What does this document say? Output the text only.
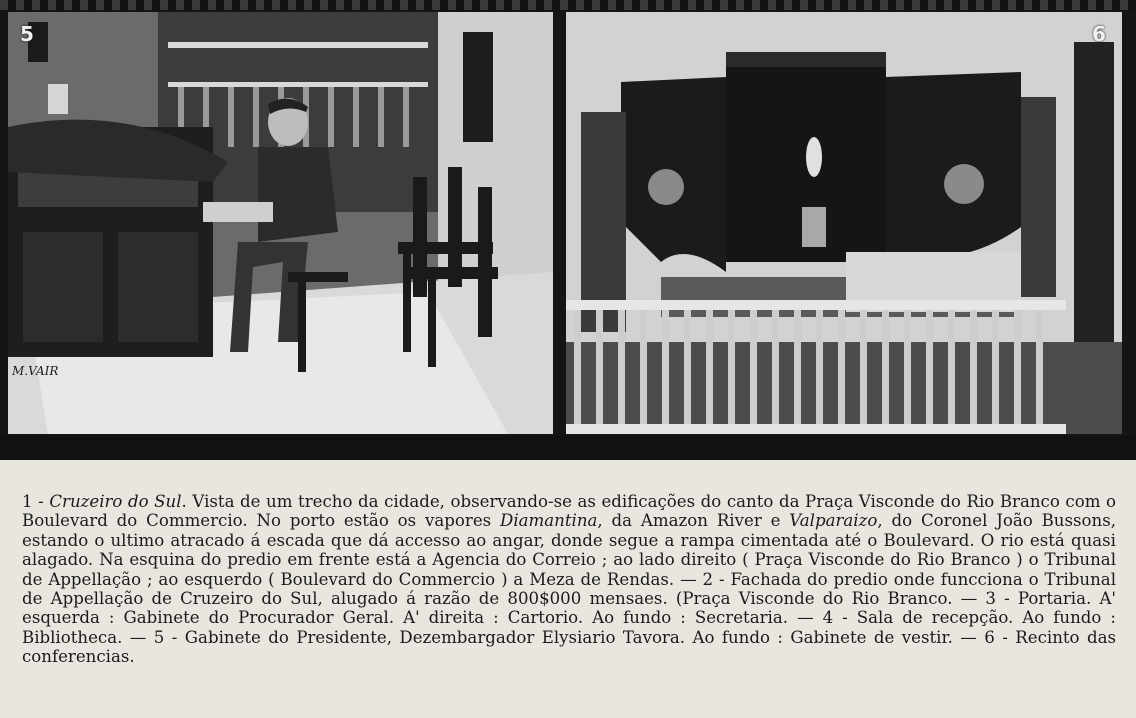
5
M.VAIR
6
1 - Cruzeiro do Sul. Vista de um trecho da cidade, observando-se as edificações do canto da Praça Visconde do Rio Branco com o Boulevard do Commercio. No porto estão os vapores Diamantina, da Amazon River e Valparaizo, do Coronel João Bussons, estando o ultimo atracado á escada que dá accesso ao angar, donde segue a rampa cimentada até o Boulevard. O rio está quasi alagado. Na esquina do predio em frente está a Agencia do Correio ; ao lado direito ( Praça Visconde do Rio Branco ) o Tribunal de Appellação ; ao esquerdo ( Boulevard do Commercio ) a Meza de Rendas. — 2 - Fachada do predio onde funcciona o Tribunal de Appellação de Cruzeiro do Sul, alugado á razão de 800$000 mensaes. (Praça Visconde do Rio Branco. — 3 - Portaria. A' esquerda : Gabinete do Procurador Geral. A' direita : Cartorio. Ao fundo : Secretaria. — 4 - Sala de recepção. Ao fundo : Bibliotheca. — 5 - Gabinete do Presidente, Dezembargador Elysiario Tavora. Ao fundo : Gabinete de vestir. — 6 - Recinto das conferencias.
